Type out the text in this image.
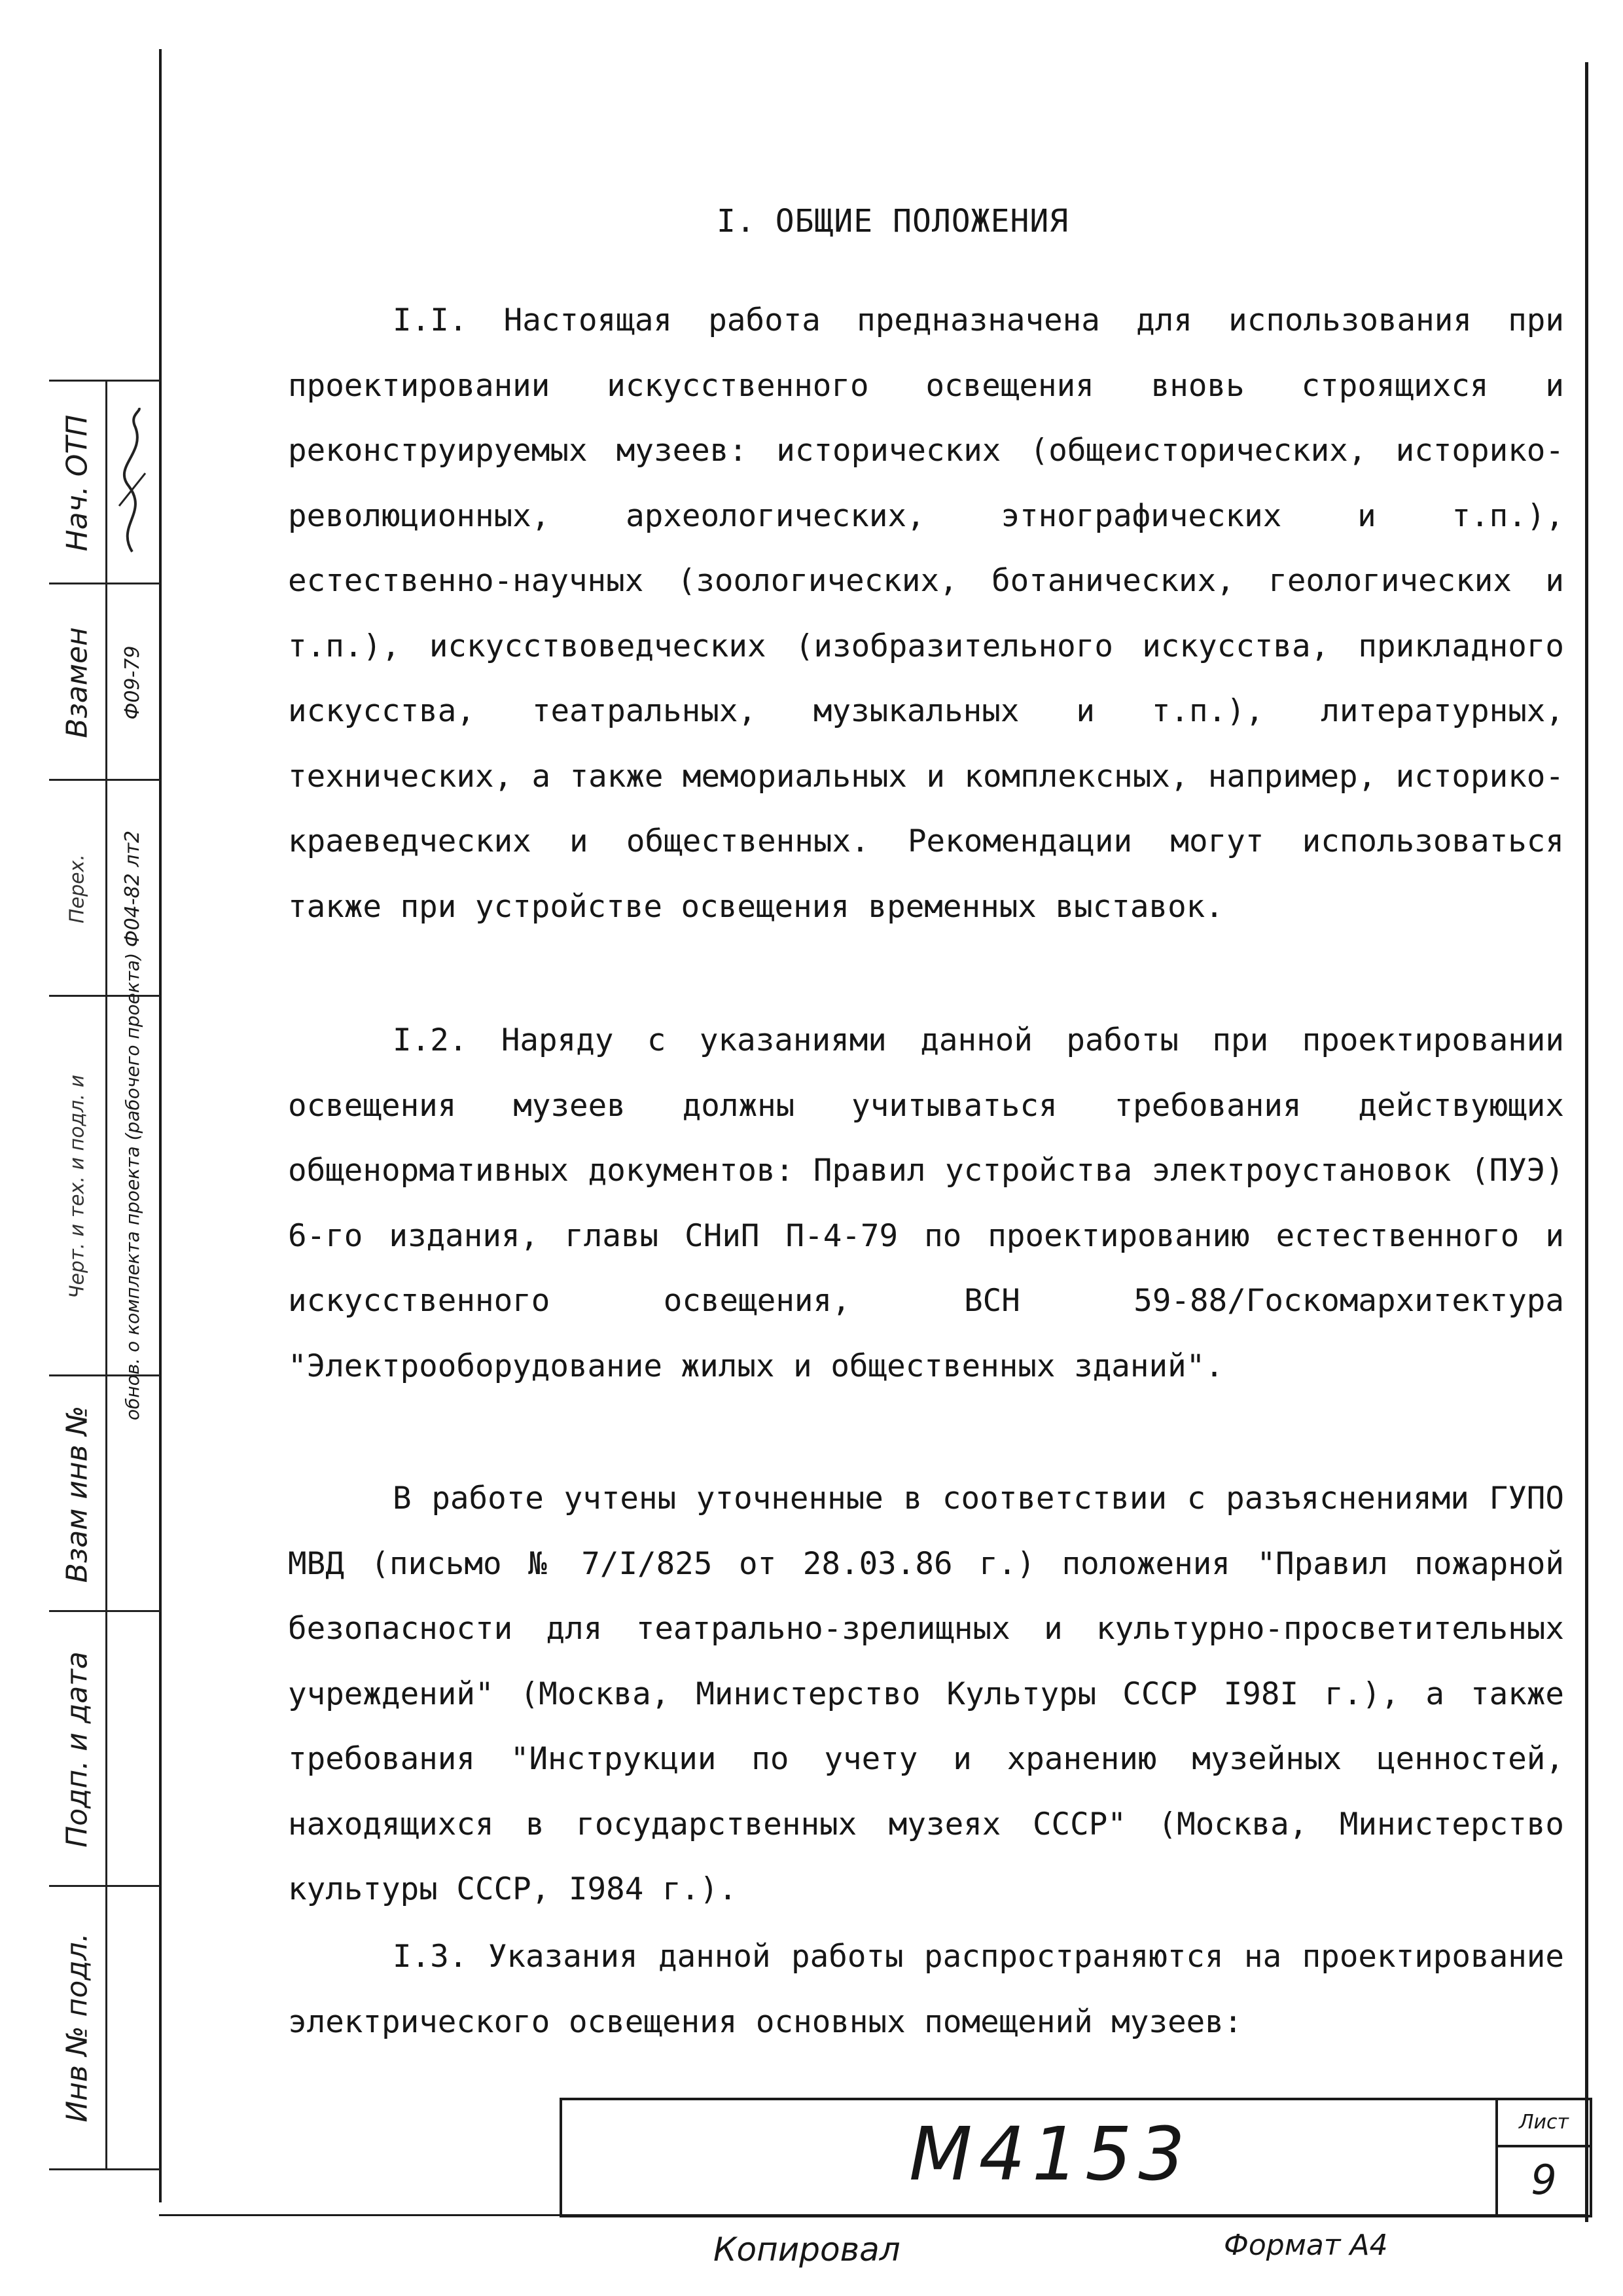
Нач. ОТП
Взамен Ф09-79
Перех. Ф04-82 лт2
Черт. и тех. и подл. и обнов. о комплекта проекта (рабочего проекта)
Взам инв №
Подп. и дата
Инв № подл.
I. ОБЩИЕ ПОЛОЖЕНИЯ

I.I. Настоящая работа предназначена для использования при проектировании искусственного освещения вновь строящихся и реконструируемых музеев: исторических (общеисторических, историко-революционных, археологических, этнографических и т.п.), естественно-научных (зоологических, ботанических, геологических и т.п.), искусствоведческих (изобразительного искусства, прикладного искусства, театральных, музыкальных и т.п.), литературных, технических, а также мемориальных и комплексных, например, историко-краеведческих и общественных. Рекомендации могут использоваться также при устройстве освещения временных выставок.

I.2. Наряду с указаниями данной работы при проектировании освещения музеев должны учитываться требования действующих общенормативных документов: Правил устройства электроустановок (ПУЭ) 6-го издания, главы СНиП П-4-79 по проектированию естественного и искусственного освещения, ВСН 59-88/Госкомархитектура "Электрооборудование жилых и общественных зданий".

В работе учтены уточненные в соответствии с разъяснениями ГУПО МВД (письмо № 7/I/825 от 28.03.86 г.) положения "Правил пожарной безопасности для театрально-зрелищных и культурно-просветительных учреждений" (Москва, Министерство Культуры СССР I98I г.), а также требования "Инструкции по учету и хранению музейных ценностей, находящихся в государственных музеях СССР" (Москва, Министерство культуры СССР, I984 г.).

I.3. Указания данной работы распространяются на проектирование электрического освещения основных помещений музеев:

М4153	Лист
9
Копировал	Формат А4
